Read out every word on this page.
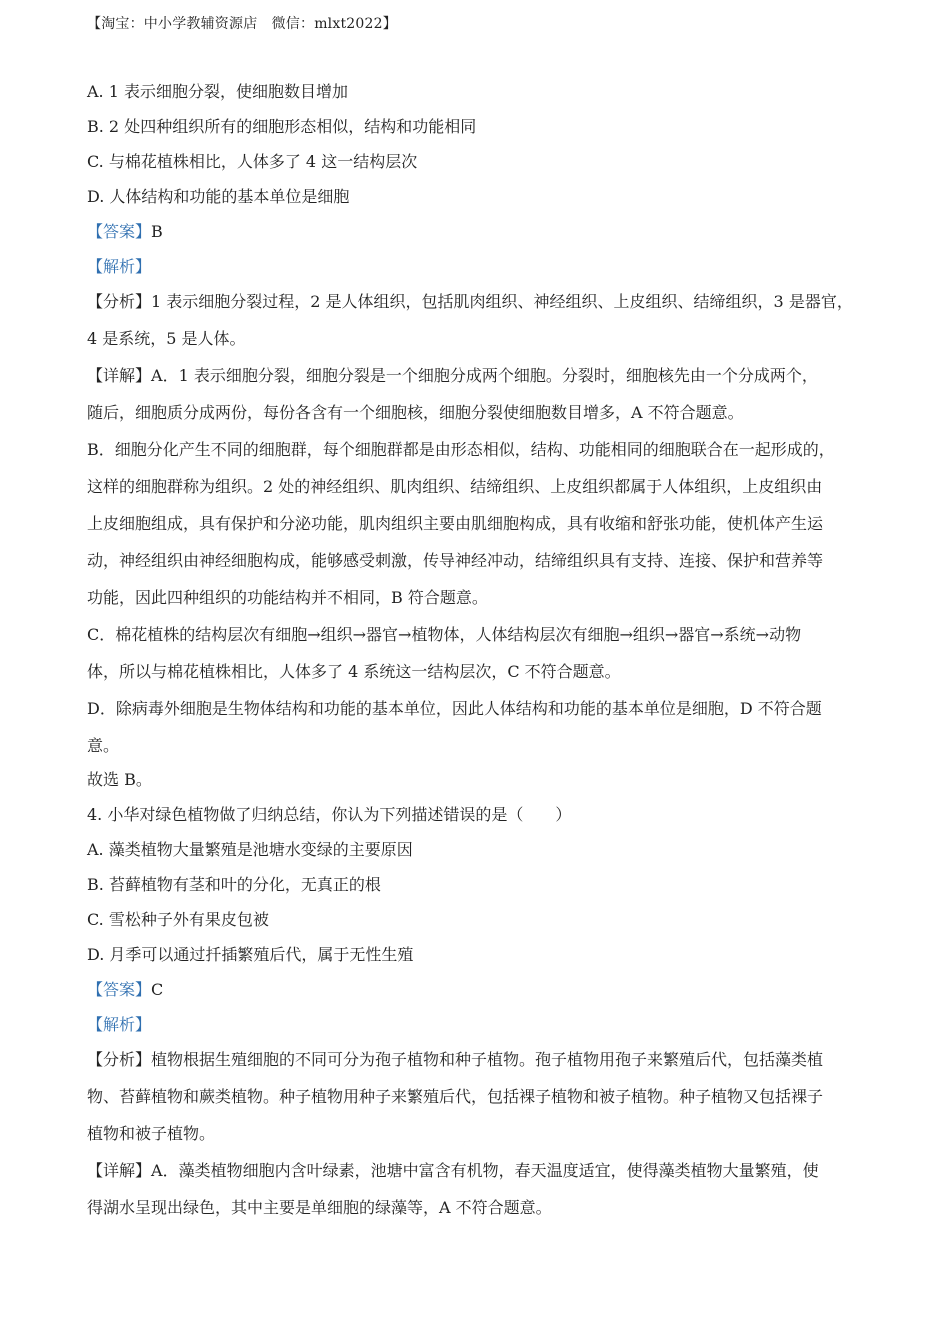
【淘宝：中小学教辅资源店　微信：mlxt2022】
A. 1 表示细胞分裂，使细胞数目增加
B. 2 处四种组织所有的细胞形态相似，结构和功能相同
C. 与棉花植株相比，人体多了 4 这一结构层次
D. 人体结构和功能的基本单位是细胞
【答案】B
【解析】
【分析】1 表示细胞分裂过程，2 是人体组织，包括肌肉组织、神经组织、上皮组织、结缔组织，3 是器官，
4 是系统，5 是人体。
【详解】A．1 表示细胞分裂，细胞分裂是一个细胞分成两个细胞。分裂时，细胞核先由一个分成两个，
随后，细胞质分成两份，每份各含有一个细胞核，细胞分裂使细胞数目增多，A 不符合题意。
B．细胞分化产生不同的细胞群，每个细胞群都是由形态相似，结构、功能相同的细胞联合在一起形成的，
这样的细胞群称为组织。2 处的神经组织、肌肉组织、结缔组织、上皮组织都属于人体组织，上皮组织由
上皮细胞组成，具有保护和分泌功能，肌肉组织主要由肌细胞构成，具有收缩和舒张功能，使机体产生运
动，神经组织由神经细胞构成，能够感受刺激，传导神经冲动，结缔组织具有支持、连接、保护和营养等
功能，因此四种组织的功能结构并不相同，B 符合题意。
C．棉花植株的结构层次有细胞→组织→器官→植物体，人体结构层次有细胞→组织→器官→系统→动物
体，所以与棉花植株相比，人体多了 4 系统这一结构层次，C 不符合题意。
D．除病毒外细胞是生物体结构和功能的基本单位，因此人体结构和功能的基本单位是细胞，D 不符合题
意。
故选 B。
4. 小华对绿色植物做了归纳总结，你认为下列描述错误的是（　　）
A. 藻类植物大量繁殖是池塘水变绿的主要原因
B. 苔藓植物有茎和叶的分化，无真正的根
C. 雪松种子外有果皮包被
D. 月季可以通过扦插繁殖后代，属于无性生殖
【答案】C
【解析】
【分析】植物根据生殖细胞的不同可分为孢子植物和种子植物。孢子植物用孢子来繁殖后代，包括藻类植
物、苔藓植物和蕨类植物。种子植物用种子来繁殖后代，包括裸子植物和被子植物。种子植物又包括裸子
植物和被子植物。
【详解】A．藻类植物细胞内含叶绿素，池塘中富含有机物，春天温度适宜，使得藻类植物大量繁殖，使
得湖水呈现出绿色，其中主要是单细胞的绿藻等，A 不符合题意。
